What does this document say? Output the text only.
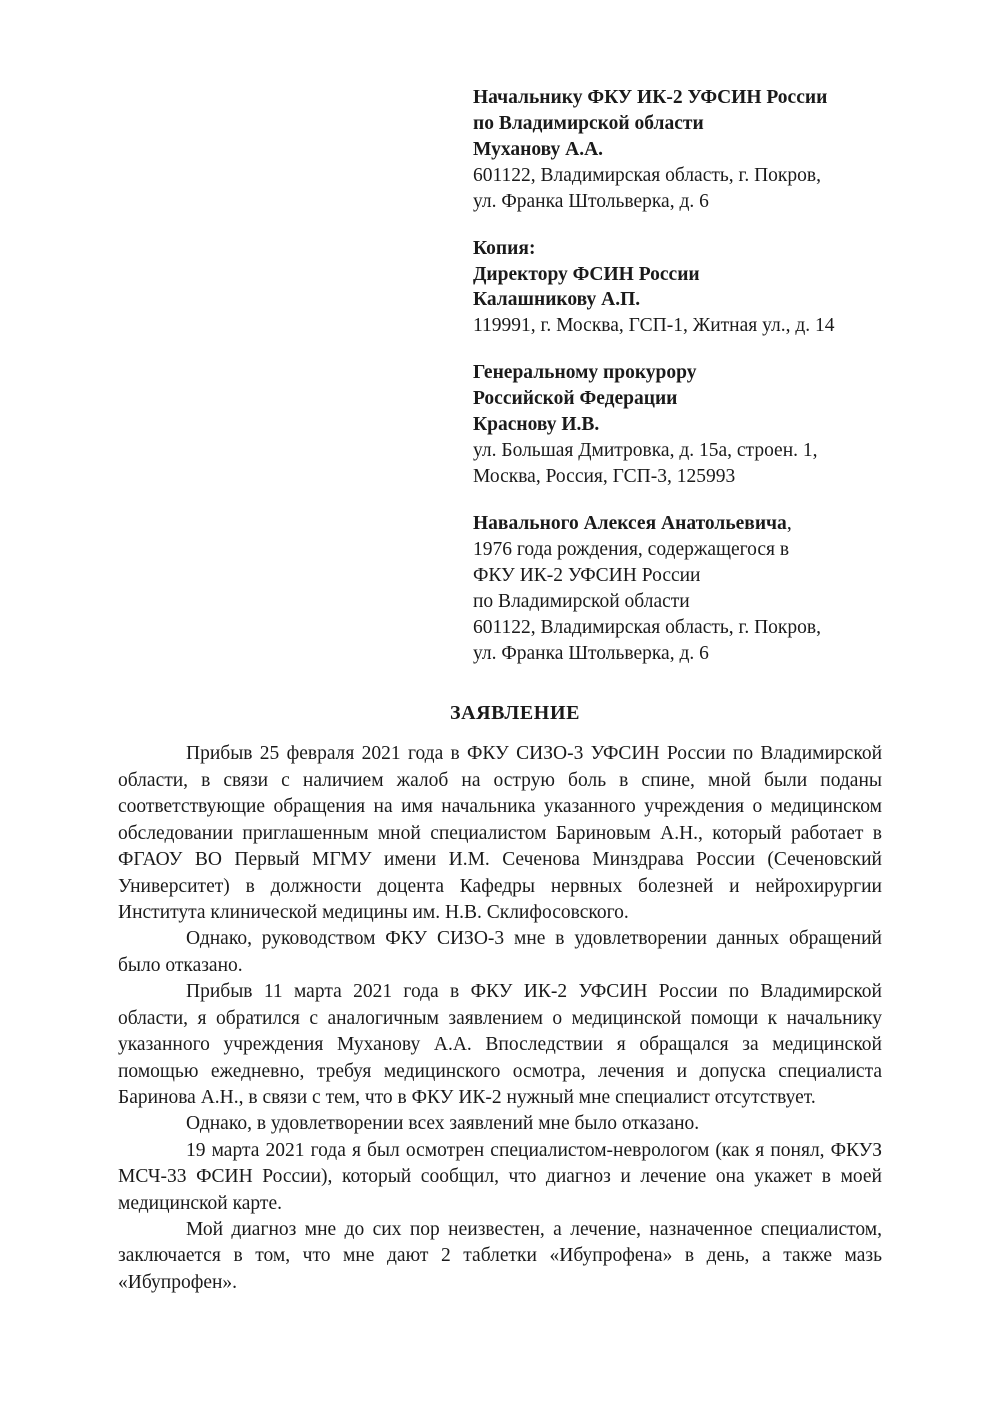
Начальнику ФКУ ИК-2 УФСИН России
по Владимирской области
Муханову А.А.
601122, Владимирская область, г. Покров,
ул. Франка Штольверка, д. 6
Копия:
Директору ФСИН России
Калашникову А.П.
119991, г. Москва, ГСП-1, Житная ул., д. 14
Генеральному прокурору
Российской Федерации
Краснову И.В.
ул. Большая Дмитровка, д. 15а, строен. 1,
Москва, Россия, ГСП-3, 125993
Навального Алексея Анатольевича,
1976 года рождения, содержащегося в
ФКУ ИК-2 УФСИН России
по Владимирской области
601122, Владимирская область, г. Покров,
ул. Франка Штольверка, д. 6
ЗАЯВЛЕНИЕ

Прибыв 25 февраля 2021 года в ФКУ СИЗО-3 УФСИН России по Владимирской области, в связи с наличием жалоб на острую боль в спине, мной были поданы соответствующие обращения на имя начальника указанного учреждения о медицинском обследовании приглашенным мной специалистом Бариновым А.Н., который работает в ФГАОУ ВО Первый МГМУ имени И.М. Сеченова Минздрава России (Сеченовский Университет) в должности доцента Кафедры нервных болезней и нейрохирургии Института клинической медицины им. Н.В. Склифосовского.

Однако, руководством ФКУ СИЗО-3 мне в удовлетворении данных обращений было отказано.

Прибыв 11 марта 2021 года в ФКУ ИК-2 УФСИН России по Владимирской области, я обратился с аналогичным заявлением о медицинской помощи к начальнику указанного учреждения Муханову А.А. Впоследствии я обращался за медицинской помощью ежедневно, требуя медицинского осмотра, лечения и допуска специалиста Баринова А.Н., в связи с тем, что в ФКУ ИК-2 нужный мне специалист отсутствует.

Однако, в удовлетворении всех заявлений мне было отказано.

19 марта 2021 года я был осмотрен специалистом-неврологом (как я понял, ФКУЗ МСЧ-33 ФСИН России), который сообщил, что диагноз и лечение она укажет в моей медицинской карте.

Мой диагноз мне до сих пор неизвестен, а лечение, назначенное специалистом, заключается в том, что мне дают 2 таблетки «Ибупрофена» в день, а также мазь «Ибупрофен».
